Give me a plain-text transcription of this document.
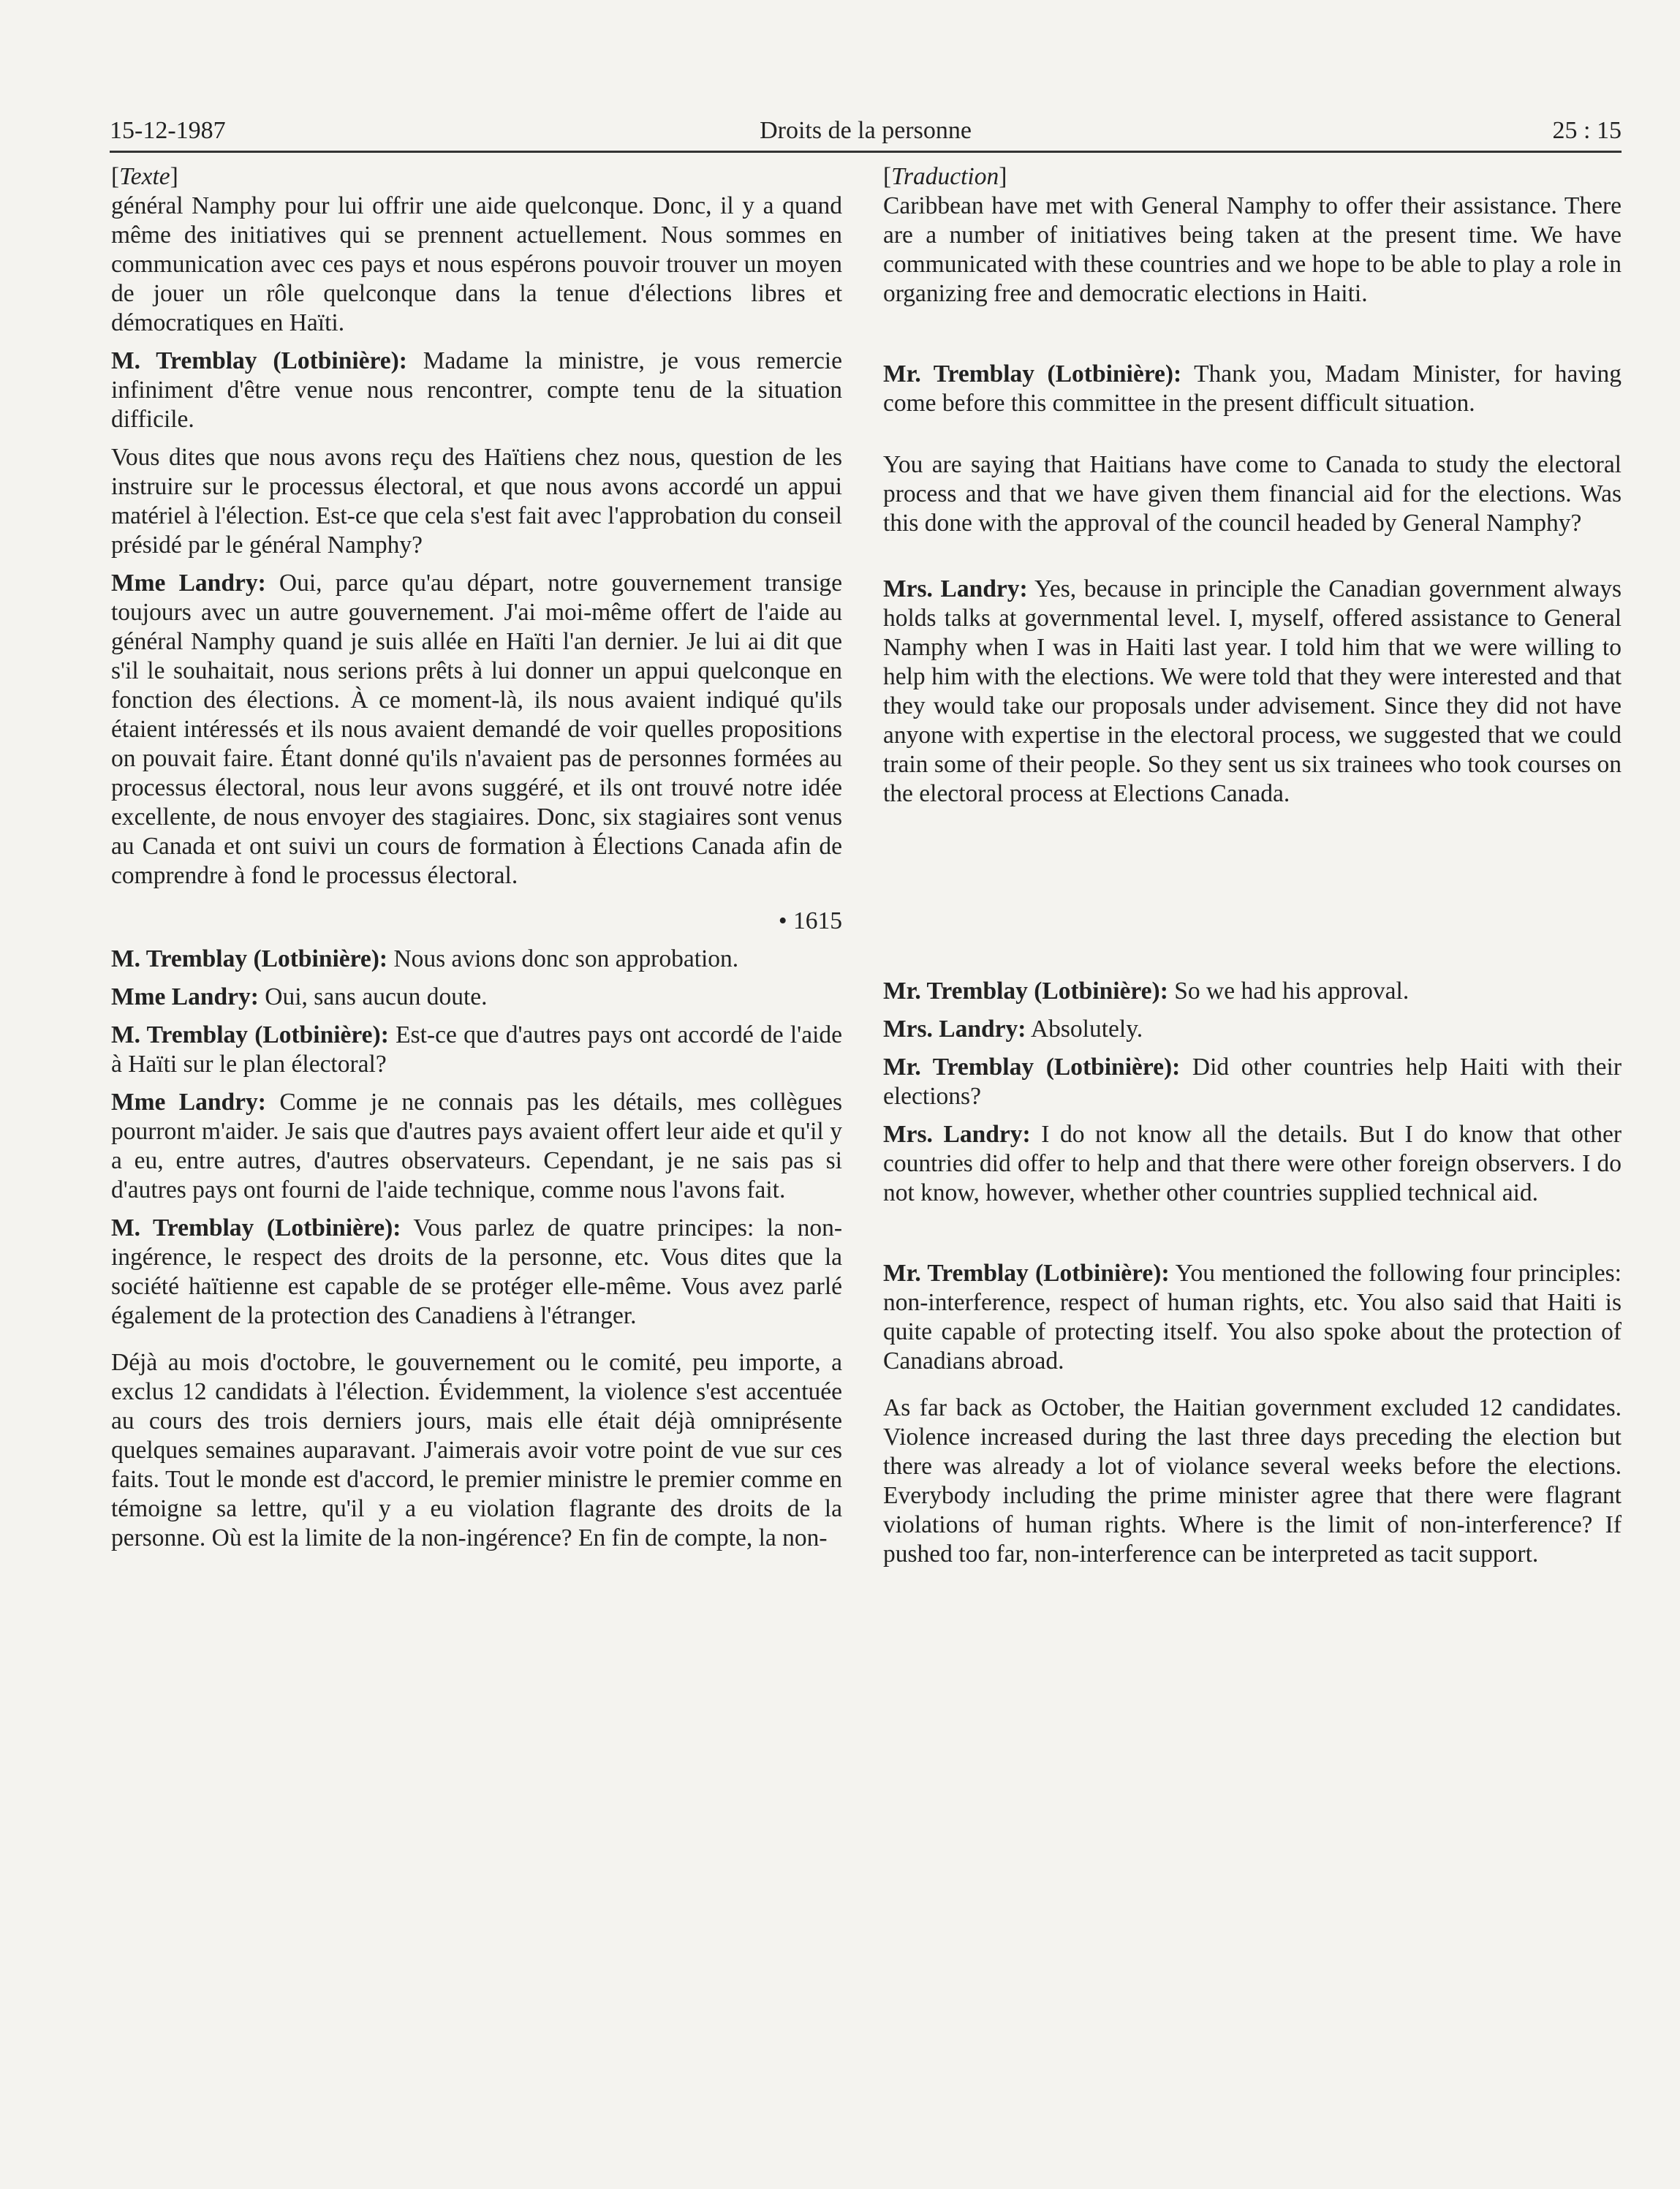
15-12-1987	Droits de la personne	25 : 15

[Texte]

général Namphy pour lui offrir une aide quelconque. Donc, il y a quand même des initiatives qui se prennent actuellement. Nous sommes en communication avec ces pays et nous espérons pouvoir trouver un moyen de jouer un rôle quelconque dans la tenue d'élections libres et démocratiques en Haïti.

M. Tremblay (Lotbinière): Madame la ministre, je vous remercie infiniment d'être venue nous rencontrer, compte tenu de la situation difficile.

Vous dites que nous avons reçu des Haïtiens chez nous, question de les instruire sur le processus électoral, et que nous avons accordé un appui matériel à l'élection. Est-ce que cela s'est fait avec l'approbation du conseil présidé par le général Namphy?

Mme Landry: Oui, parce qu'au départ, notre gouvernement transige toujours avec un autre gouvernement. J'ai moi-même offert de l'aide au général Namphy quand je suis allée en Haïti l'an dernier. Je lui ai dit que s'il le souhaitait, nous serions prêts à lui donner un appui quelconque en fonction des élections. À ce moment-là, ils nous avaient indiqué qu'ils étaient intéressés et ils nous avaient demandé de voir quelles propositions on pouvait faire. Étant donné qu'ils n'avaient pas de personnes formées au processus électoral, nous leur avons suggéré, et ils ont trouvé notre idée excellente, de nous envoyer des stagiaires. Donc, six stagiaires sont venus au Canada et ont suivi un cours de formation à Élections Canada afin de comprendre à fond le processus électoral.

• 1615

M. Tremblay (Lotbinière): Nous avions donc son approbation.

Mme Landry: Oui, sans aucun doute.

M. Tremblay (Lotbinière): Est-ce que d'autres pays ont accordé de l'aide à Haïti sur le plan électoral?

Mme Landry: Comme je ne connais pas les détails, mes collègues pourront m'aider. Je sais que d'autres pays avaient offert leur aide et qu'il y a eu, entre autres, d'autres observateurs. Cependant, je ne sais pas si d'autres pays ont fourni de l'aide technique, comme nous l'avons fait.

M. Tremblay (Lotbinière): Vous parlez de quatre principes: la non-ingérence, le respect des droits de la personne, etc. Vous dites que la société haïtienne est capable de se protéger elle-même. Vous avez parlé également de la protection des Canadiens à l'étranger.

Déjà au mois d'octobre, le gouvernement ou le comité, peu importe, a exclus 12 candidats à l'élection. Évidemment, la violence s'est accentuée au cours des trois derniers jours, mais elle était déjà omniprésente quelques semaines auparavant. J'aimerais avoir votre point de vue sur ces faits. Tout le monde est d'accord, le premier ministre le premier comme en témoigne sa lettre, qu'il y a eu violation flagrante des droits de la personne. Où est la limite de la non-ingérence? En fin de compte, la non-

[Traduction]

Caribbean have met with General Namphy to offer their assistance. There are a number of initiatives being taken at the present time. We have communicated with these countries and we hope to be able to play a role in organizing free and democratic elections in Haiti.

Mr. Tremblay (Lotbinière): Thank you, Madam Minister, for having come before this committee in the present difficult situation.

You are saying that Haitians have come to Canada to study the electoral process and that we have given them financial aid for the elections. Was this done with the approval of the council headed by General Namphy?

Mrs. Landry: Yes, because in principle the Canadian government always holds talks at governmental level. I, myself, offered assistance to General Namphy when I was in Haiti last year. I told him that we were willing to help him with the elections. We were told that they were interested and that they would take our proposals under advisement. Since they did not have anyone with expertise in the electoral process, we suggested that we could train some of their people. So they sent us six trainees who took courses on the electoral process at Elections Canada.

Mr. Tremblay (Lotbinière): So we had his approval.

Mrs. Landry: Absolutely.

Mr. Tremblay (Lotbinière): Did other countries help Haiti with their elections?

Mrs. Landry: I do not know all the details. But I do know that other countries did offer to help and that there were other foreign observers. I do not know, however, whether other countries supplied technical aid.

Mr. Tremblay (Lotbinière): You mentioned the following four principles: non-interference, respect of human rights, etc. You also said that Haiti is quite capable of protecting itself. You also spoke about the protection of Canadians abroad.

As far back as October, the Haitian government excluded 12 candidates. Violence increased during the last three days preceding the election but there was already a lot of violance several weeks before the elections. Everybody including the prime minister agree that there were flagrant violations of human rights. Where is the limit of non-interference? If pushed too far, non-interference can be interpreted as tacit support.
